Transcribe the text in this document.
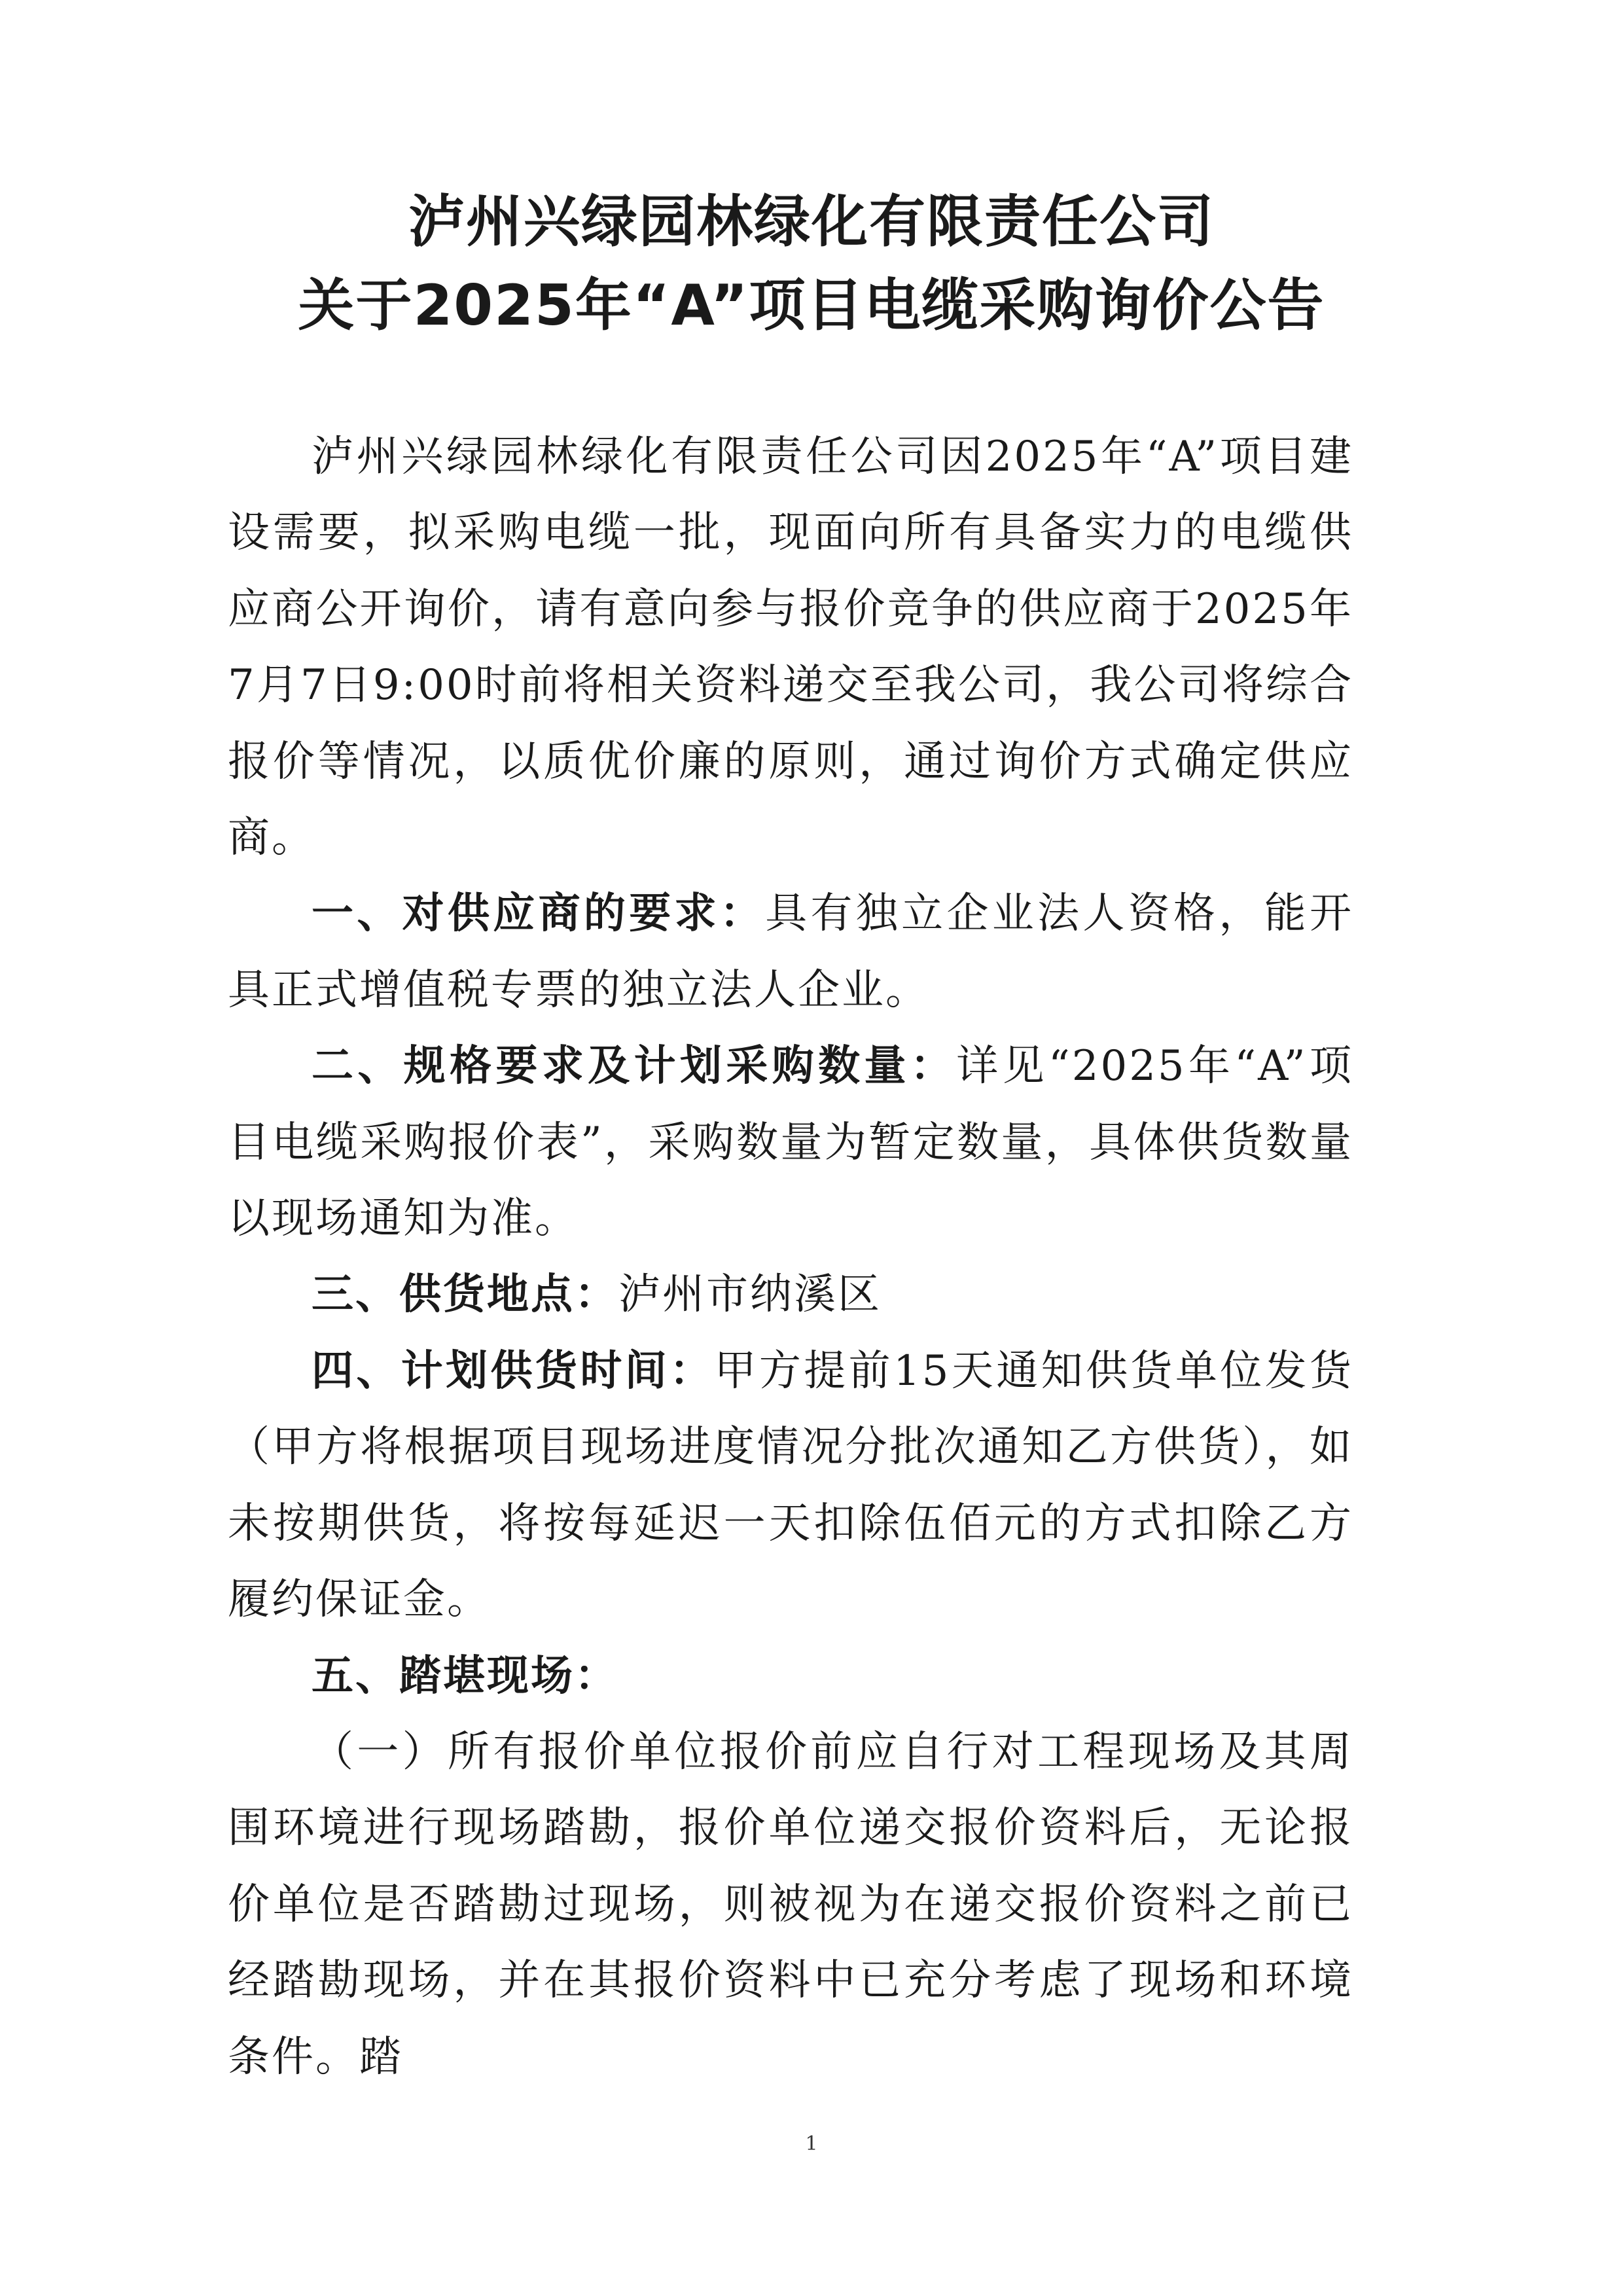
泸州兴绿园林绿化有限责任公司
关于2025年“A”项目电缆采购询价公告

泸州兴绿园林绿化有限责任公司因2025年“A”项目建设需要，拟采购电缆一批，现面向所有具备实力的电缆供应商公开询价，请有意向参与报价竞争的供应商于2025年7月7日9:00时前将相关资料递交至我公司，我公司将综合报价等情况，以质优价廉的原则，通过询价方式确定供应商。

一、对供应商的要求：具有独立企业法人资格，能开具正式增值税专票的独立法人企业。

二、规格要求及计划采购数量：详见“2025年“A”项目电缆采购报价表”，采购数量为暂定数量，具体供货数量以现场通知为准。

三、供货地点：泸州市纳溪区

四、计划供货时间：甲方提前15天通知供货单位发货（甲方将根据项目现场进度情况分批次通知乙方供货），如未按期供货，将按每延迟一天扣除伍佰元的方式扣除乙方履约保证金。

五、踏堪现场：

（一）所有报价单位报价前应自行对工程现场及其周围环境进行现场踏勘，报价单位递交报价资料后，无论报价单位是否踏勘过现场，则被视为在递交报价资料之前已经踏勘现场，并在其报价资料中已充分考虑了现场和环境条件。踏

1
